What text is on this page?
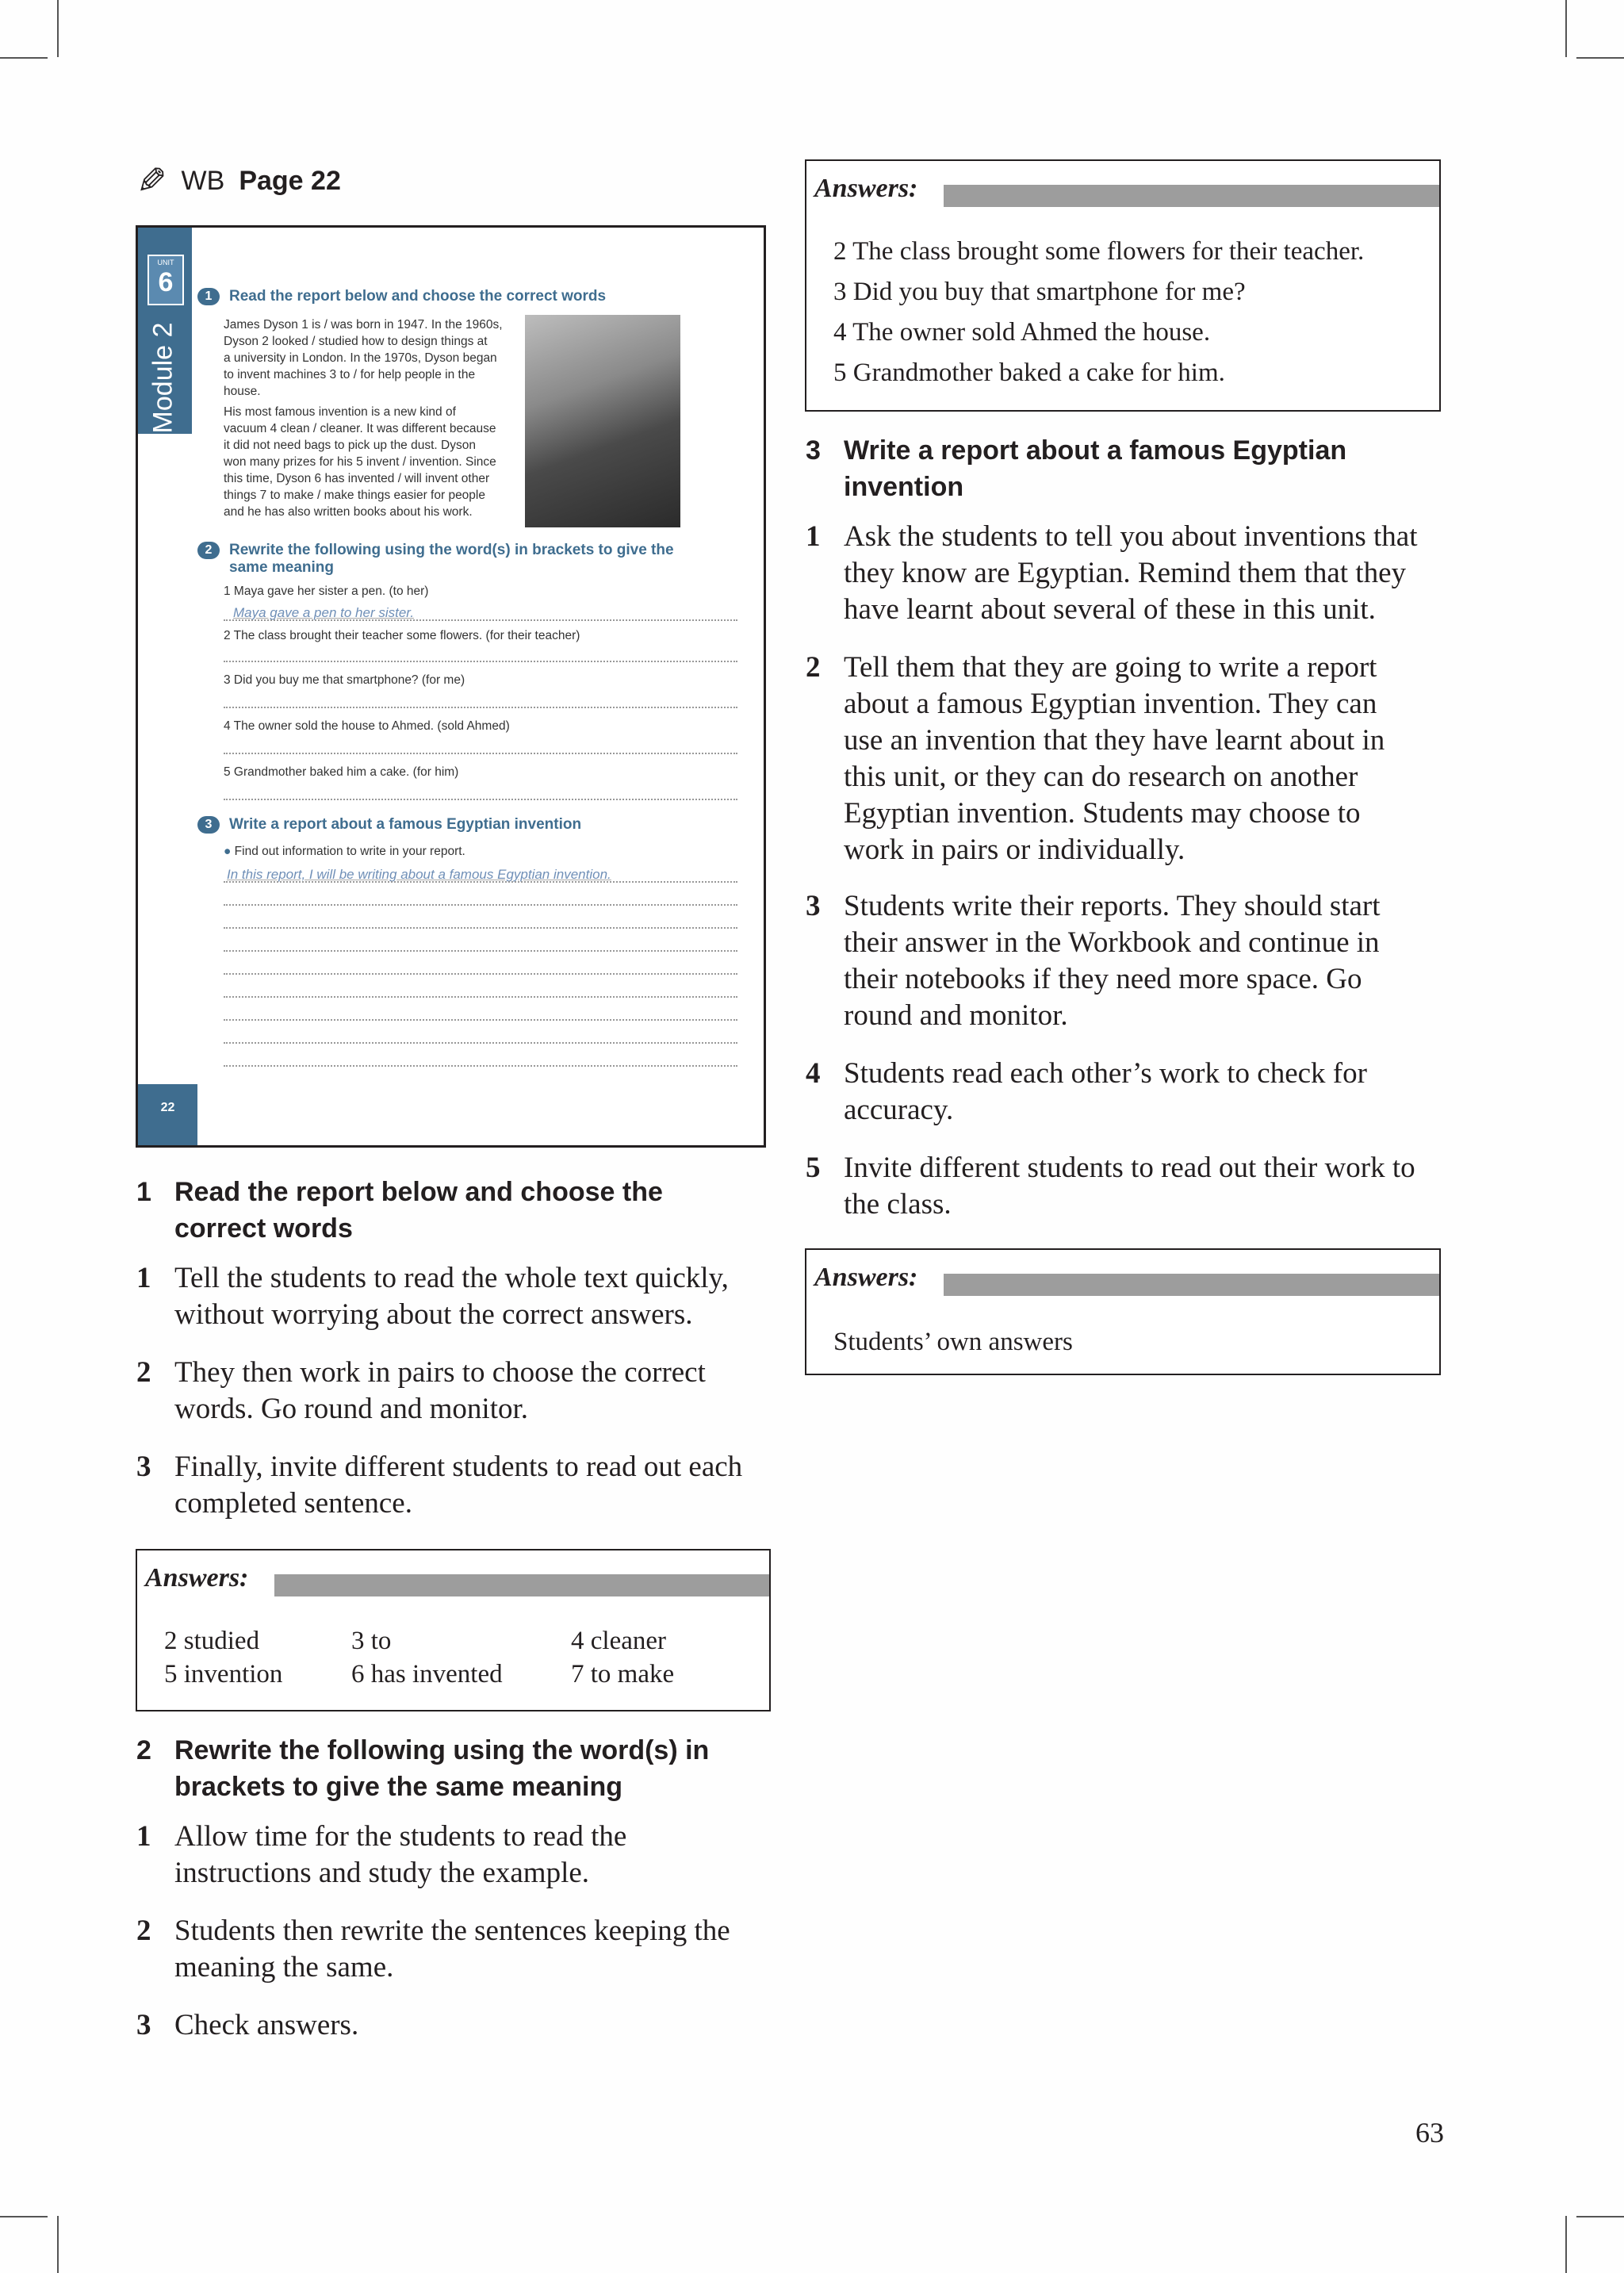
✎ WB Page 22
UNIT
6
Module 2
1 Read the report below and choose the correct words
James Dyson 1 is / was born in 1947. In the 1960s,
Dyson 2 looked / studied how to design things at
a university in London. In the 1970s, Dyson began
to invent machines 3 to / for help people in the
house.
His most famous invention is a new kind of
vacuum 4 clean / cleaner. It was different because
it did not need bags to pick up the dust. Dyson
won many prizes for his 5 invent / invention. Since
this time, Dyson 6 has invented / will invent other
things 7 to make / make things easier for people
and he has also written books about his work.
2 Rewrite the following using the word(s) in brackets to give the
same meaning
1 Maya gave her sister a pen. (to her)
Maya gave a pen to her sister.
2 The class brought their teacher some flowers. (for their teacher)
3 Did you buy me that smartphone? (for me)
4 The owner sold the house to Ahmed. (sold Ahmed)
5 Grandmother baked him a cake. (for him)
3 Write a report about a famous Egyptian invention
● Find out information to write in your report.
In this report, I will be writing about a famous Egyptian invention.
22
1 Read the report below and choose the
correct words
1 Tell the students to read the whole text quickly,
without worrying about the correct answers.
2 They then work in pairs to choose the correct
words. Go round and monitor.
3 Finally, invite different students to read out each
completed sentence.
Answers:
2 studied	3 to	4 cleaner
5 invention	6 has invented	7 to make
2 Rewrite the following using the word(s) in
brackets to give the same meaning
1 Allow time for the students to read the
instructions and study the example.
2 Students then rewrite the sentences keeping the
meaning the same.
3 Check answers.
Answers:
2 The class brought some flowers for their teacher.
3 Did you buy that smartphone for me?
4 The owner sold Ahmed the house.
5 Grandmother baked a cake for him.
3 Write a report about a famous Egyptian
invention
1 Ask the students to tell you about inventions that
they know are Egyptian. Remind them that they
have learnt about several of these in this unit.
2 Tell them that they are going to write a report
about a famous Egyptian invention. They can
use an invention that they have learnt about in
this unit, or they can do research on another
Egyptian invention. Students may choose to
work in pairs or individually.
3 Students write their reports. They should start
their answer in the Workbook and continue in
their notebooks if they need more space. Go
round and monitor.
4 Students read each other’s work to check for
accuracy.
5 Invite different students to read out their work to
the class.
Answers:
Students’ own answers
63
